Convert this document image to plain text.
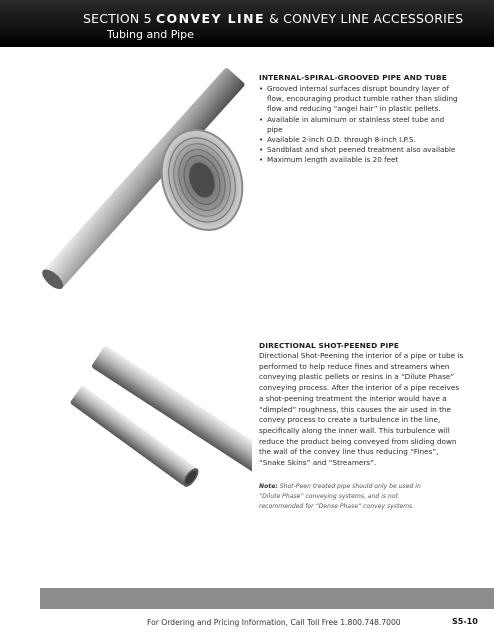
SECTION 5 CONVEY LINE & CONVEY LINE ACCESSORIES
Tubing and Pipe
INTERNAL-SPIRAL-GROOVED PIPE AND TUBE
• Grooved internal surfaces disrupt boundry layer of flow, encouraging product tumble rather than sliding flow and reducing “angel hair” in plastic pellets.
• Available in aluminum or stainless steel tube and pipe
• Available 2-inch O.D. through 8-inch I.P.S.
• Sandblast and shot peened treatment also available
• Maximum length available is 20 feet
DIRECTIONAL SHOT-PEENED PIPE

Directional Shot-Peening the interior of a pipe or tube is performed to help reduce fines and streamers when conveying plastic pellets or resins in a “Dilute Phase” conveying process. After the interior of a pipe receives a shot-peening treatment the interior would have a “dimpled” roughness, this causes the air used in the convey process to create a turbulence in the line, specifically along the inner wall. This turbulence will reduce the product being conveyed from sliding down the wall of the convey line thus reducing “Fines”, “Snake Skins” and “Streamers”.

Note: Shot-Peen treated pipe should only be used in “Dilute Phase” conveying systems, and is not recommended for “Dense Phase” convey systems.

For Ordering and Pricing Information, Call Toll Free 1.800.748.7000	S5-10
